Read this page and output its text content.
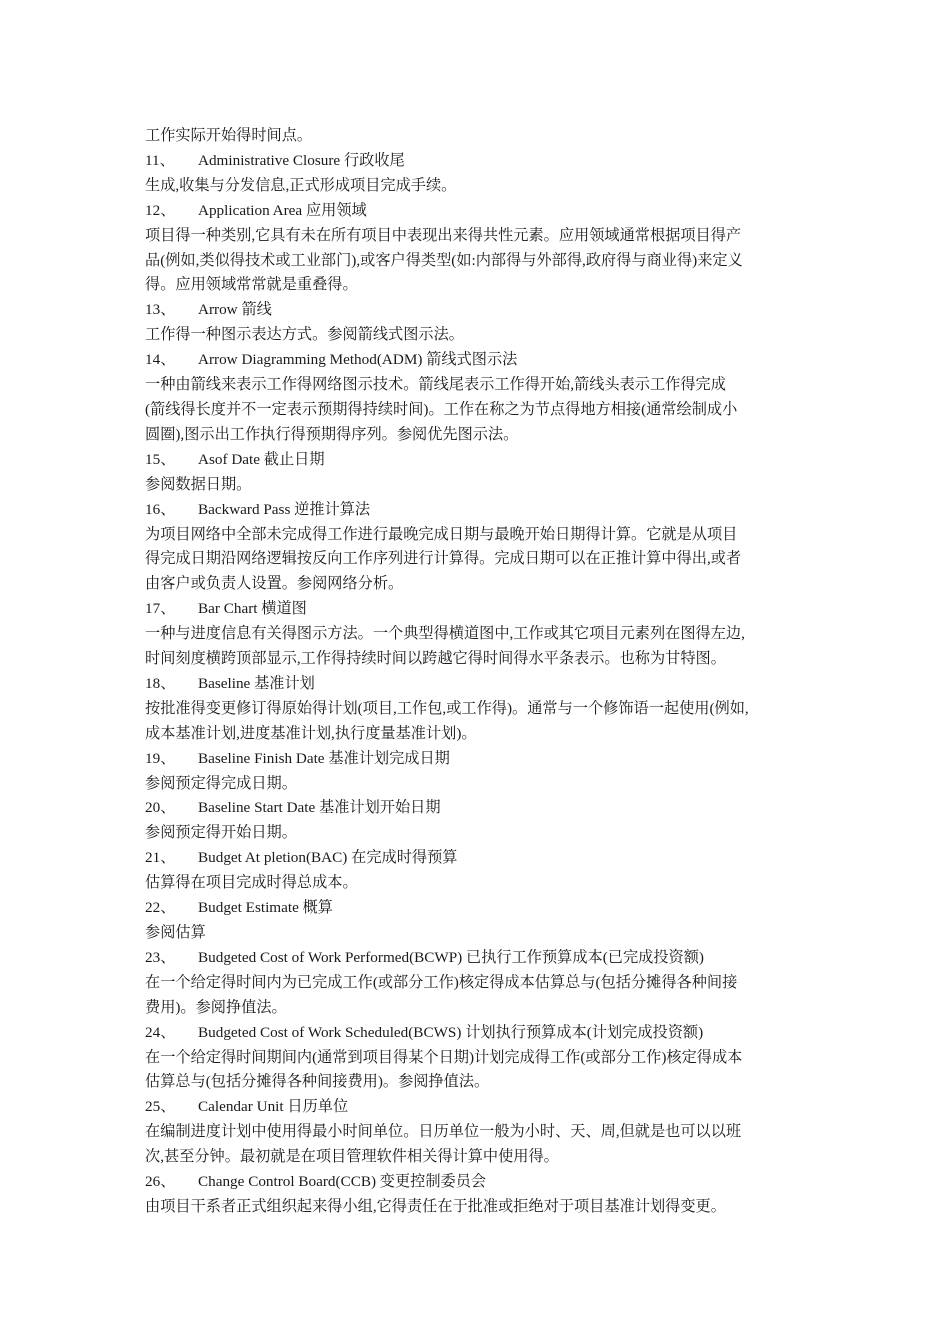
工作实际开始得时间点。
11、 Administrative Closure 行政收尾
生成,收集与分发信息,正式形成项目完成手续。
12、 Application Area 应用领域
项目得一种类别,它具有未在所有项目中表现出来得共性元素。应用领域通常根据项目得产
品(例如,类似得技术或工业部门),或客户得类型(如:内部得与外部得,政府得与商业得)来定义
得。应用领域常常就是重叠得。
13、 Arrow 箭线
工作得一种图示表达方式。参阅箭线式图示法。
14、 Arrow Diagramming Method(ADM) 箭线式图示法
一种由箭线来表示工作得网络图示技术。箭线尾表示工作得开始,箭线头表示工作得完成
(箭线得长度并不一定表示预期得持续时间)。工作在称之为节点得地方相接(通常绘制成小
圆圈),图示出工作执行得预期得序列。参阅优先图示法。
15、 Asof Date 截止日期
参阅数据日期。
16、 Backward Pass 逆推计算法
为项目网络中全部未完成得工作进行最晚完成日期与最晚开始日期得计算。它就是从项目
得完成日期沿网络逻辑按反向工作序列进行计算得。完成日期可以在正推计算中得出,或者
由客户或负责人设置。参阅网络分析。
17、 Bar Chart 横道图
一种与进度信息有关得图示方法。一个典型得横道图中,工作或其它项目元素列在图得左边,
时间刻度横跨顶部显示,工作得持续时间以跨越它得时间得水平条表示。也称为甘特图。
18、 Baseline 基准计划
按批准得变更修订得原始得计划(项目,工作包,或工作得)。通常与一个修饰语一起使用(例如,
成本基准计划,进度基准计划,执行度量基准计划)。
19、 Baseline Finish Date 基准计划完成日期
参阅预定得完成日期。
20、 Baseline Start Date 基准计划开始日期
参阅预定得开始日期。
21、 Budget At pletion(BAC) 在完成时得预算
估算得在项目完成时得总成本。
22、 Budget Estimate 概算
参阅估算
23、 Budgeted Cost of Work Performed(BCWP) 已执行工作预算成本(已完成投资额)
在一个给定得时间内为已完成工作(或部分工作)核定得成本估算总与(包括分摊得各种间接
费用)。参阅挣值法。
24、 Budgeted Cost of Work Scheduled(BCWS) 计划执行预算成本(计划完成投资额)
在一个给定得时间期间内(通常到项目得某个日期)计划完成得工作(或部分工作)核定得成本
估算总与(包括分摊得各种间接费用)。参阅挣值法。
25、 Calendar Unit 日历单位
在编制进度计划中使用得最小时间单位。日历单位一般为小时、天、周,但就是也可以以班
次,甚至分钟。最初就是在项目管理软件相关得计算中使用得。
26、 Change Control Board(CCB) 变更控制委员会
由项目干系者正式组织起来得小组,它得责任在于批准或拒绝对于项目基准计划得变更。
